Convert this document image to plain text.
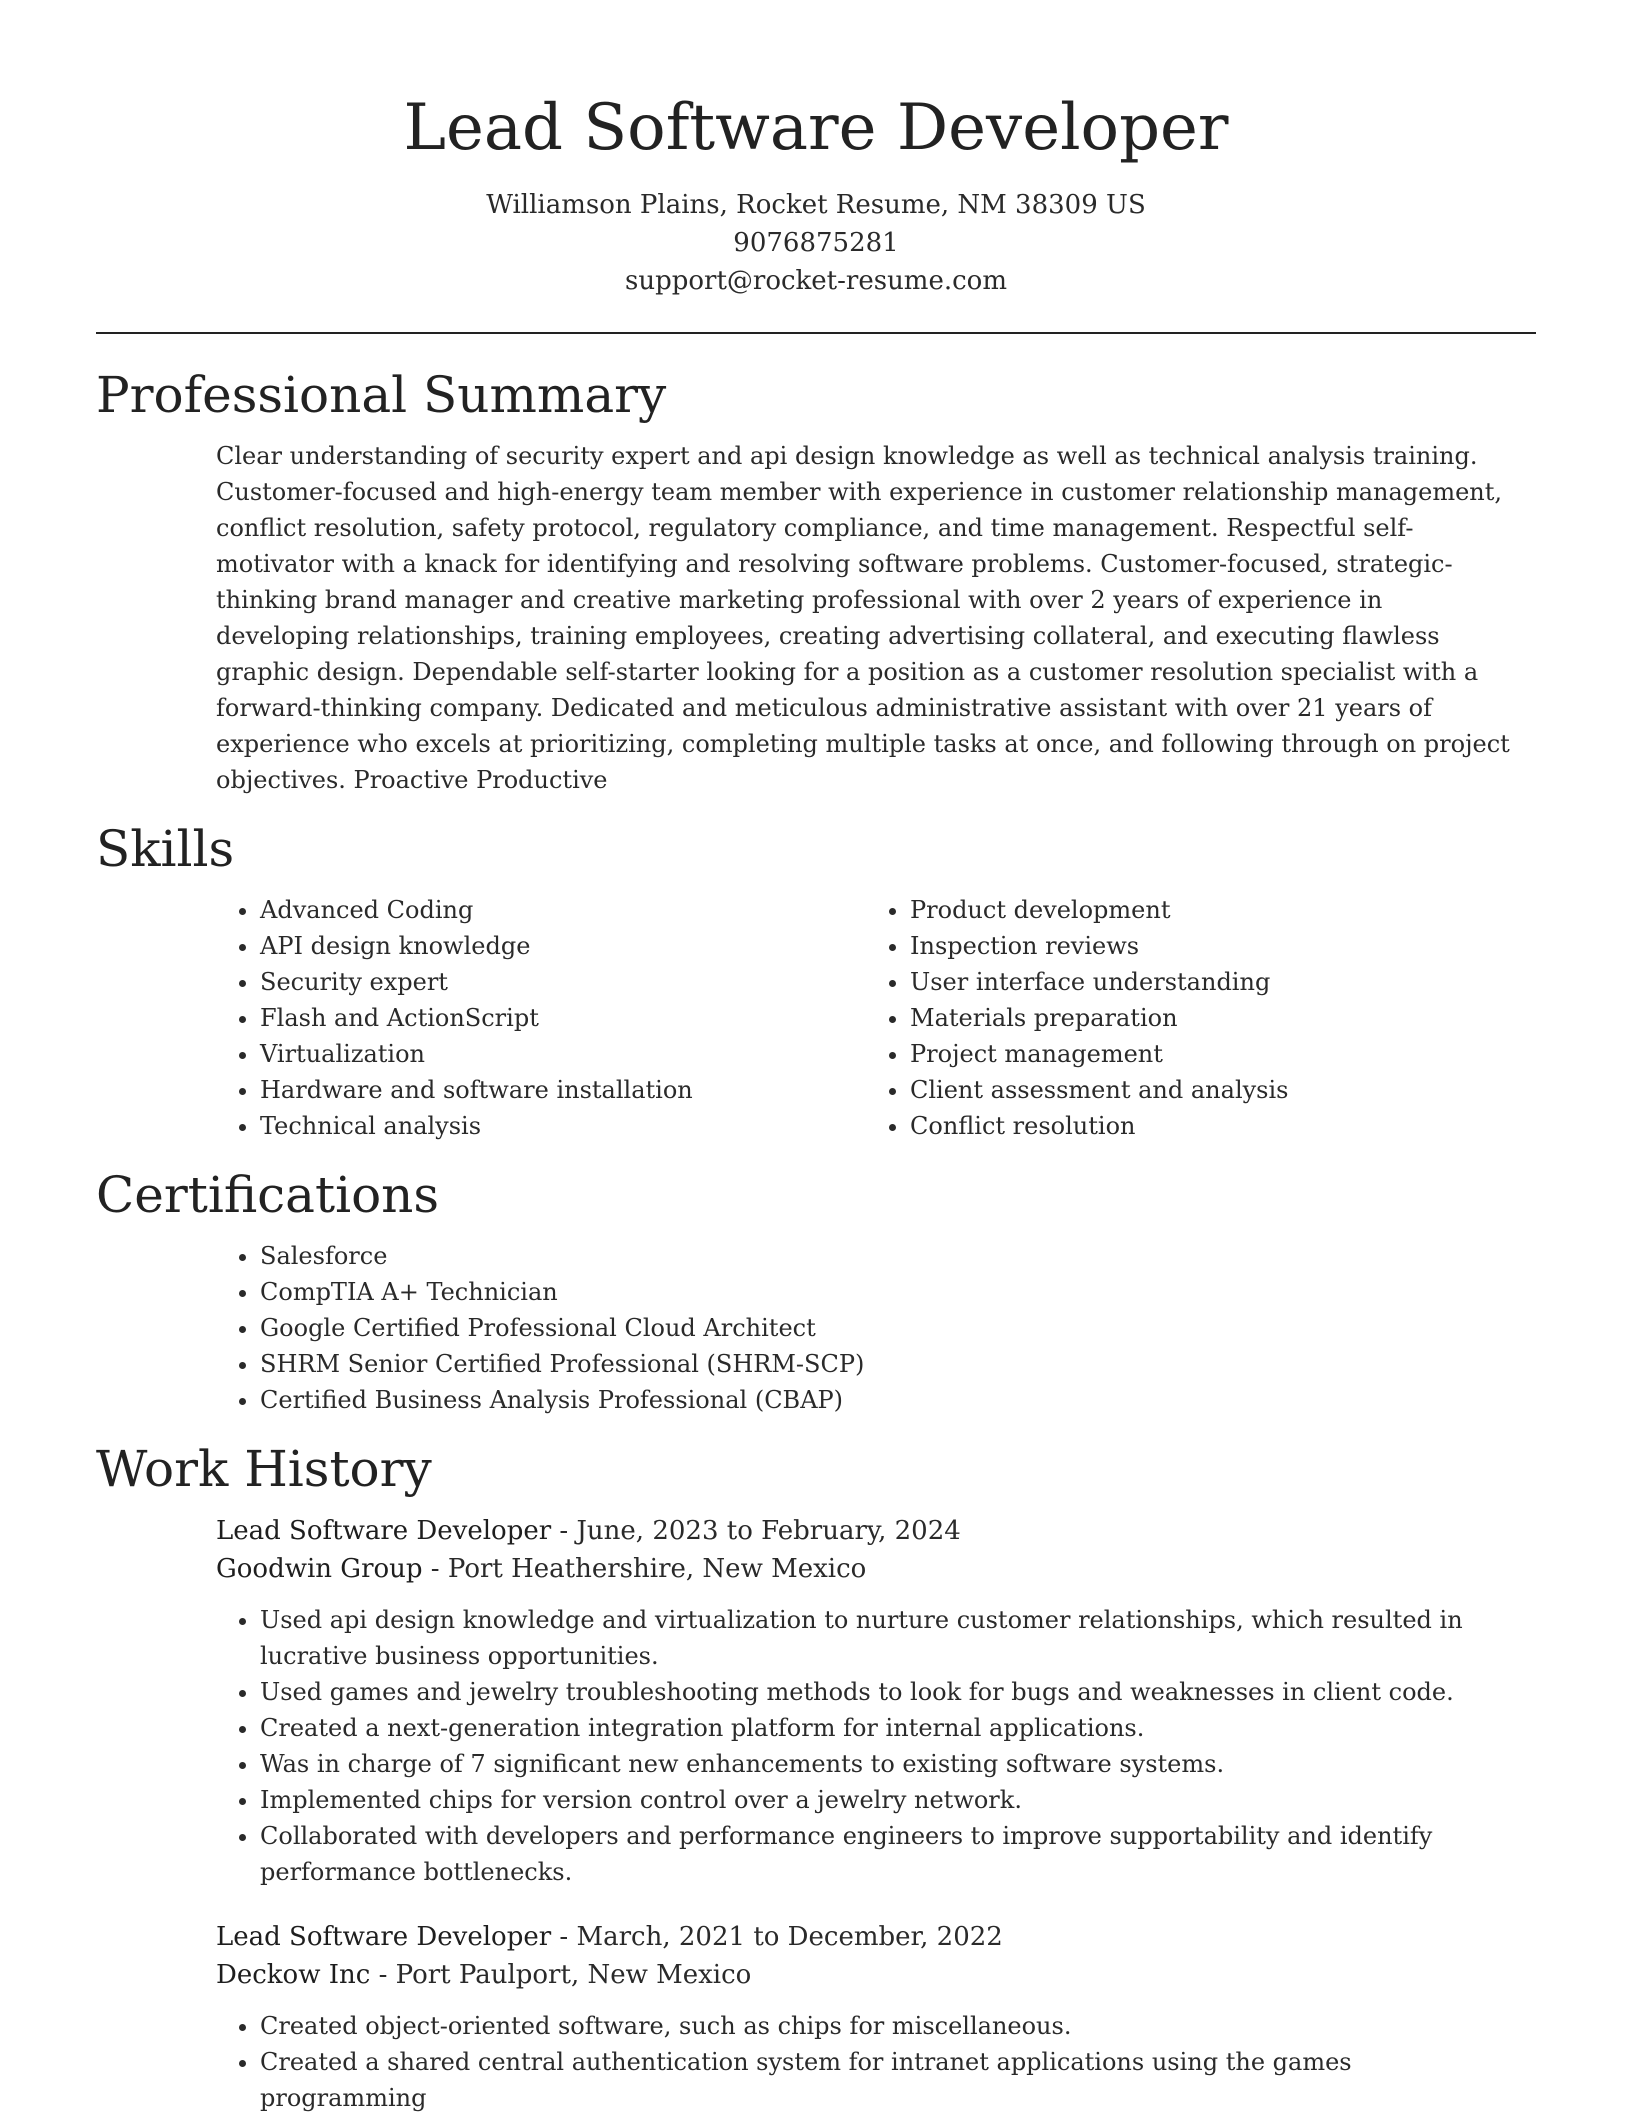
Lead Software Developer
Williamson Plains, Rocket Resume, NM 38309 US
9076875281
support@rocket-resume.com
Professional Summary

Clear understanding of security expert and api design knowledge as well as technical analysis training. Customer-focused and high-energy team member with experience in customer relationship management, conflict resolution, safety protocol, regulatory compliance, and time management. Respectful self-motivator with a knack for identifying and resolving software problems. Customer-focused, strategic-thinking brand manager and creative marketing professional with over 2 years of experience in developing relationships, training employees, creating advertising collateral, and executing flawless graphic design. Dependable self-starter looking for a position as a customer resolution specialist with a forward-thinking company. Dedicated and meticulous administrative assistant with over 21 years of experience who excels at prioritizing, completing multiple tasks at once, and following through on project objectives. Proactive Productive

Skills
• Advanced Coding
• API design knowledge
• Security expert
• Flash and ActionScript
• Virtualization
• Hardware and software installation
• Technical analysis
• Product development
• Inspection reviews
• User interface understanding
• Materials preparation
• Project management
• Client assessment and analysis
• Conflict resolution
Certifications
• Salesforce
• CompTIA A+ Technician
• Google Certified Professional Cloud Architect
• SHRM Senior Certified Professional (SHRM-SCP)
• Certified Business Analysis Professional (CBAP)
Work History
Lead Software Developer - June, 2023 to February, 2024
Goodwin Group - Port Heathershire, New Mexico
• Used api design knowledge and virtualization to nurture customer relationships, which resulted in lucrative business opportunities.
• Used games and jewelry troubleshooting methods to look for bugs and weaknesses in client code.
• Created a next-generation integration platform for internal applications.
• Was in charge of 7 significant new enhancements to existing software systems.
• Implemented chips for version control over a jewelry network.
• Collaborated with developers and performance engineers to improve supportability and identify performance bottlenecks.
Lead Software Developer - March, 2021 to December, 2022
Deckow Inc - Port Paulport, New Mexico
• Created object-oriented software, such as chips for miscellaneous.
• Created a shared central authentication system for intranet applications using the games programming
